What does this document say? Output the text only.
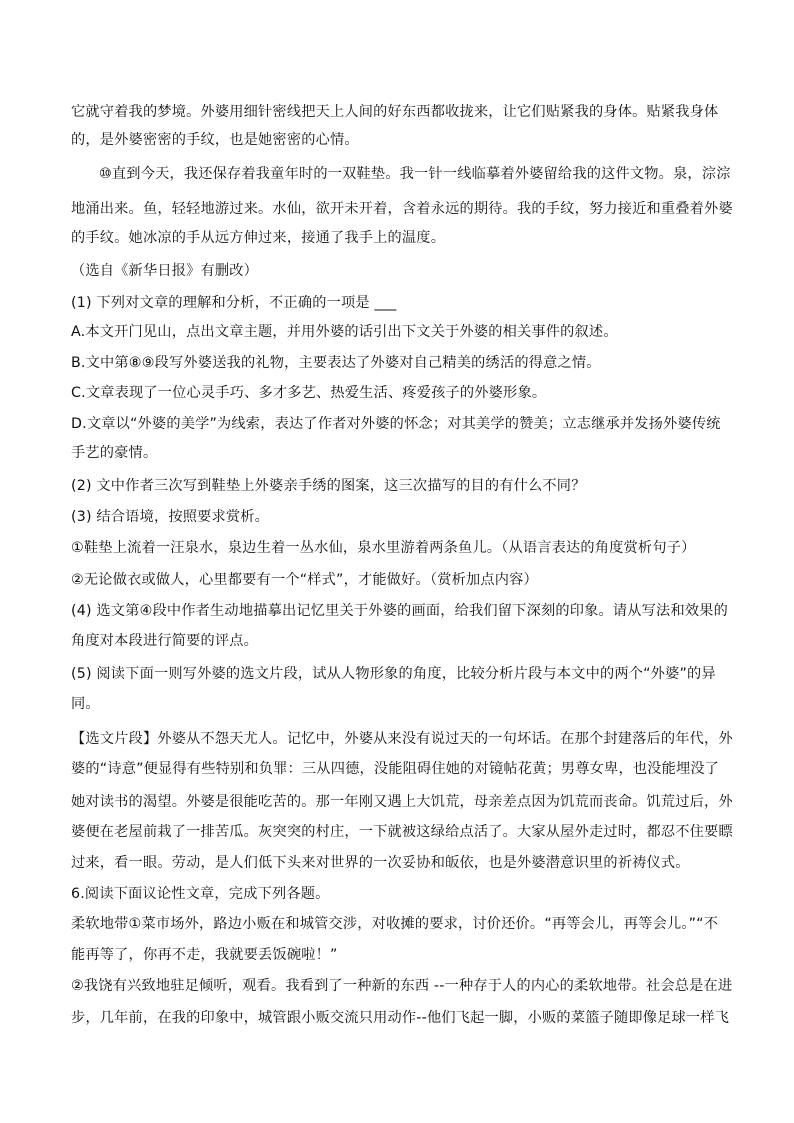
它就守着我的梦境。外婆用细针密线把天上人间的好东西都收拢来，让它们贴紧我的身体。贴紧我身体
的，是外婆密密的手纹，也是她密密的心情。
⑩直到今天，我还保存着我童年时的一双鞋垫。我一针一线临摹着外婆留给我的这件文物。泉，淙淙
地涌出来。鱼，轻轻地游过来。水仙，欲开未开着，含着永远的期待。我的手纹，努力接近和重叠着外婆
的手纹。她冰凉的手从远方伸过来，接通了我手上的温度。
（选自《新华日报》有删改）
(1) 下列对文章的理解和分析，不正确的一项是 ___
A.本文开门见山，点出文章主题，并用外婆的话引出下文关于外婆的相关事件的叙述。
B.文中第⑧⑨段写外婆送我的礼物，主要表达了外婆对自己精美的绣活的得意之情。
C.文章表现了一位心灵手巧、多才多艺、热爱生活、疼爱孩子的外婆形象。
D.文章以“外婆的美学”为线索，表达了作者对外婆的怀念；对其美学的赞美；立志继承并发扬外婆传统
手艺的豪情。
(2) 文中作者三次写到鞋垫上外婆亲手绣的图案，这三次描写的目的有什么不同？
(3) 结合语境，按照要求赏析。
①鞋垫上流着一汪泉水，泉边生着一丛水仙，泉水里游着两条鱼儿。（从语言表达的角度赏析句子）
②无论做衣或做人，心里都要有一个“样式”，才能做好。（赏析加点内容）
(4) 选文第④段中作者生动地描摹出记忆里关于外婆的画面，给我们留下深刻的印象。请从写法和效果的
角度对本段进行简要的评点。
(5) 阅读下面一则写外婆的选文片段，试从人物形象的角度，比较分析片段与本文中的两个“外婆”的异
同。
【选文片段】外婆从不怨天尤人。记忆中，外婆从来没有说过天的一句坏话。在那个封建落后的年代，外
婆的“诗意”便显得有些特别和负罪：三从四德，没能阻碍住她的对镜帖花黄；男尊女卑，也没能埋没了
她对读书的渴望。外婆是很能吃苦的。那一年刚又遇上大饥荒，母亲差点因为饥荒而丧命。饥荒过后，外
婆便在老屋前栽了一排苦瓜。灰突突的村庄，一下就被这绿给点活了。大家从屋外走过时，都忍不住要瞟
过来，看一眼。劳动，是人们低下头来对世界的一次妥协和皈依，也是外婆潜意识里的祈祷仪式。
6.阅读下面议论性文章，完成下列各题。
柔软地带①菜市场外，路边小贩在和城管交涉，对收摊的要求，讨价还价。“再等会儿，再等会儿。”“不
能再等了，你再不走，我就要丢饭碗啦！”
②我饶有兴致地驻足倾听，观看。我看到了一种新的东西 --一种存于人的内心的柔软地带。社会总是在进
步，几年前，在我的印象中，城管跟小贩交流只用动作--他们飞起一脚，小贩的菜篮子随即像足球一样飞
